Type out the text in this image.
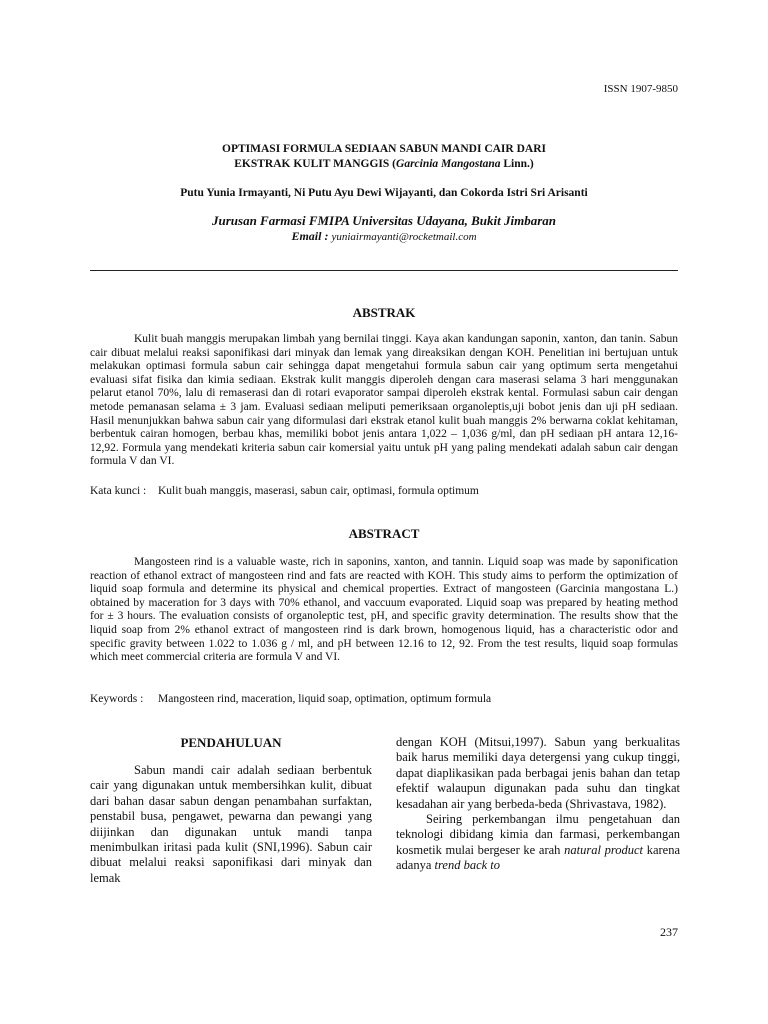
ISSN 1907-9850
OPTIMASI FORMULA SEDIAAN SABUN MANDI CAIR DARI
EKSTRAK KULIT MANGGIS (Garcinia Mangostana Linn.)
Putu Yunia Irmayanti, Ni Putu Ayu Dewi Wijayanti, dan Cokorda Istri Sri Arisanti
Jurusan Farmasi FMIPA Universitas Udayana, Bukit Jimbaran
Email : yuniairmayanti@rocketmail.com
ABSTRAK

Kulit buah manggis merupakan limbah yang bernilai tinggi. Kaya akan kandungan saponin, xanton, dan tanin. Sabun cair dibuat melalui reaksi saponifikasi dari minyak dan lemak yang direaksikan dengan KOH. Penelitian ini bertujuan untuk melakukan optimasi formula sabun cair sehingga dapat mengetahui formula sabun cair yang optimum serta mengetahui evaluasi sifat fisika dan kimia sediaan. Ekstrak kulit manggis diperoleh dengan cara maserasi selama 3 hari menggunakan pelarut etanol 70%, lalu di remaserasi dan di rotari evaporator sampai diperoleh ekstrak kental. Formulasi sabun cair dengan metode pemanasan selama ± 3 jam. Evaluasi sediaan meliputi pemeriksaan organoleptis,uji bobot jenis dan uji pH sediaan. Hasil menunjukkan bahwa sabun cair yang diformulasi dari ekstrak etanol kulit buah manggis 2% berwarna coklat kehitaman, berbentuk cairan homogen, berbau khas, memiliki bobot jenis antara 1,022 – 1,036 g/ml, dan pH sediaan pH antara 12,16- 12,92. Formula yang mendekati kriteria sabun cair komersial yaitu untuk pH yang paling mendekati adalah sabun cair dengan formula V dan VI.

Kata kunci : Kulit buah manggis, maserasi, sabun cair, optimasi, formula optimum
ABSTRACT

Mangosteen rind is a valuable waste, rich in saponins, xanton, and tannin. Liquid soap was made by saponification reaction of ethanol extract of mangosteen rind and fats are reacted with KOH. This study aims to perform the optimization of liquid soap formula and determine its physical and chemical properties. Extract of mangosteen (Garcinia mangostana L.) obtained by maceration for 3 days with 70% ethanol, and vaccuum evaporated. Liquid soap was prepared by heating method for ± 3 hours. The evaluation consists of organoleptic test, pH, and specific gravity determination. The results show that the liquid soap from 2% ethanol extract of mangosteen rind is dark brown, homogenous liquid, has a characteristic odor and specific gravity between 1.022 to 1.036 g / ml, and pH between 12.16 to 12, 92. From the test results, liquid soap formulas which meet commercial criteria are formula V and VI.

Keywords : Mangosteen rind, maceration, liquid soap, optimation, optimum formula
PENDAHULUAN

Sabun mandi cair adalah sediaan berbentuk cair yang digunakan untuk membersihkan kulit, dibuat dari bahan dasar sabun dengan penambahan surfaktan, penstabil busa, pengawet, pewarna dan pewangi yang diijinkan dan digunakan untuk mandi tanpa menimbulkan iritasi pada kulit (SNI,1996). Sabun cair dibuat melalui reaksi saponifikasi dari minyak dan lemak

dengan KOH (Mitsui,1997). Sabun yang berkualitas baik harus memiliki daya detergensi yang cukup tinggi, dapat diaplikasikan pada berbagai jenis bahan dan tetap efektif walaupun digunakan pada suhu dan tingkat kesadahan air yang berbeda-beda (Shrivastava, 1982).

Seiring perkembangan ilmu pengetahuan dan teknologi dibidang kimia dan farmasi, perkembangan kosmetik mulai bergeser ke arah natural product karena adanya trend back to

237
